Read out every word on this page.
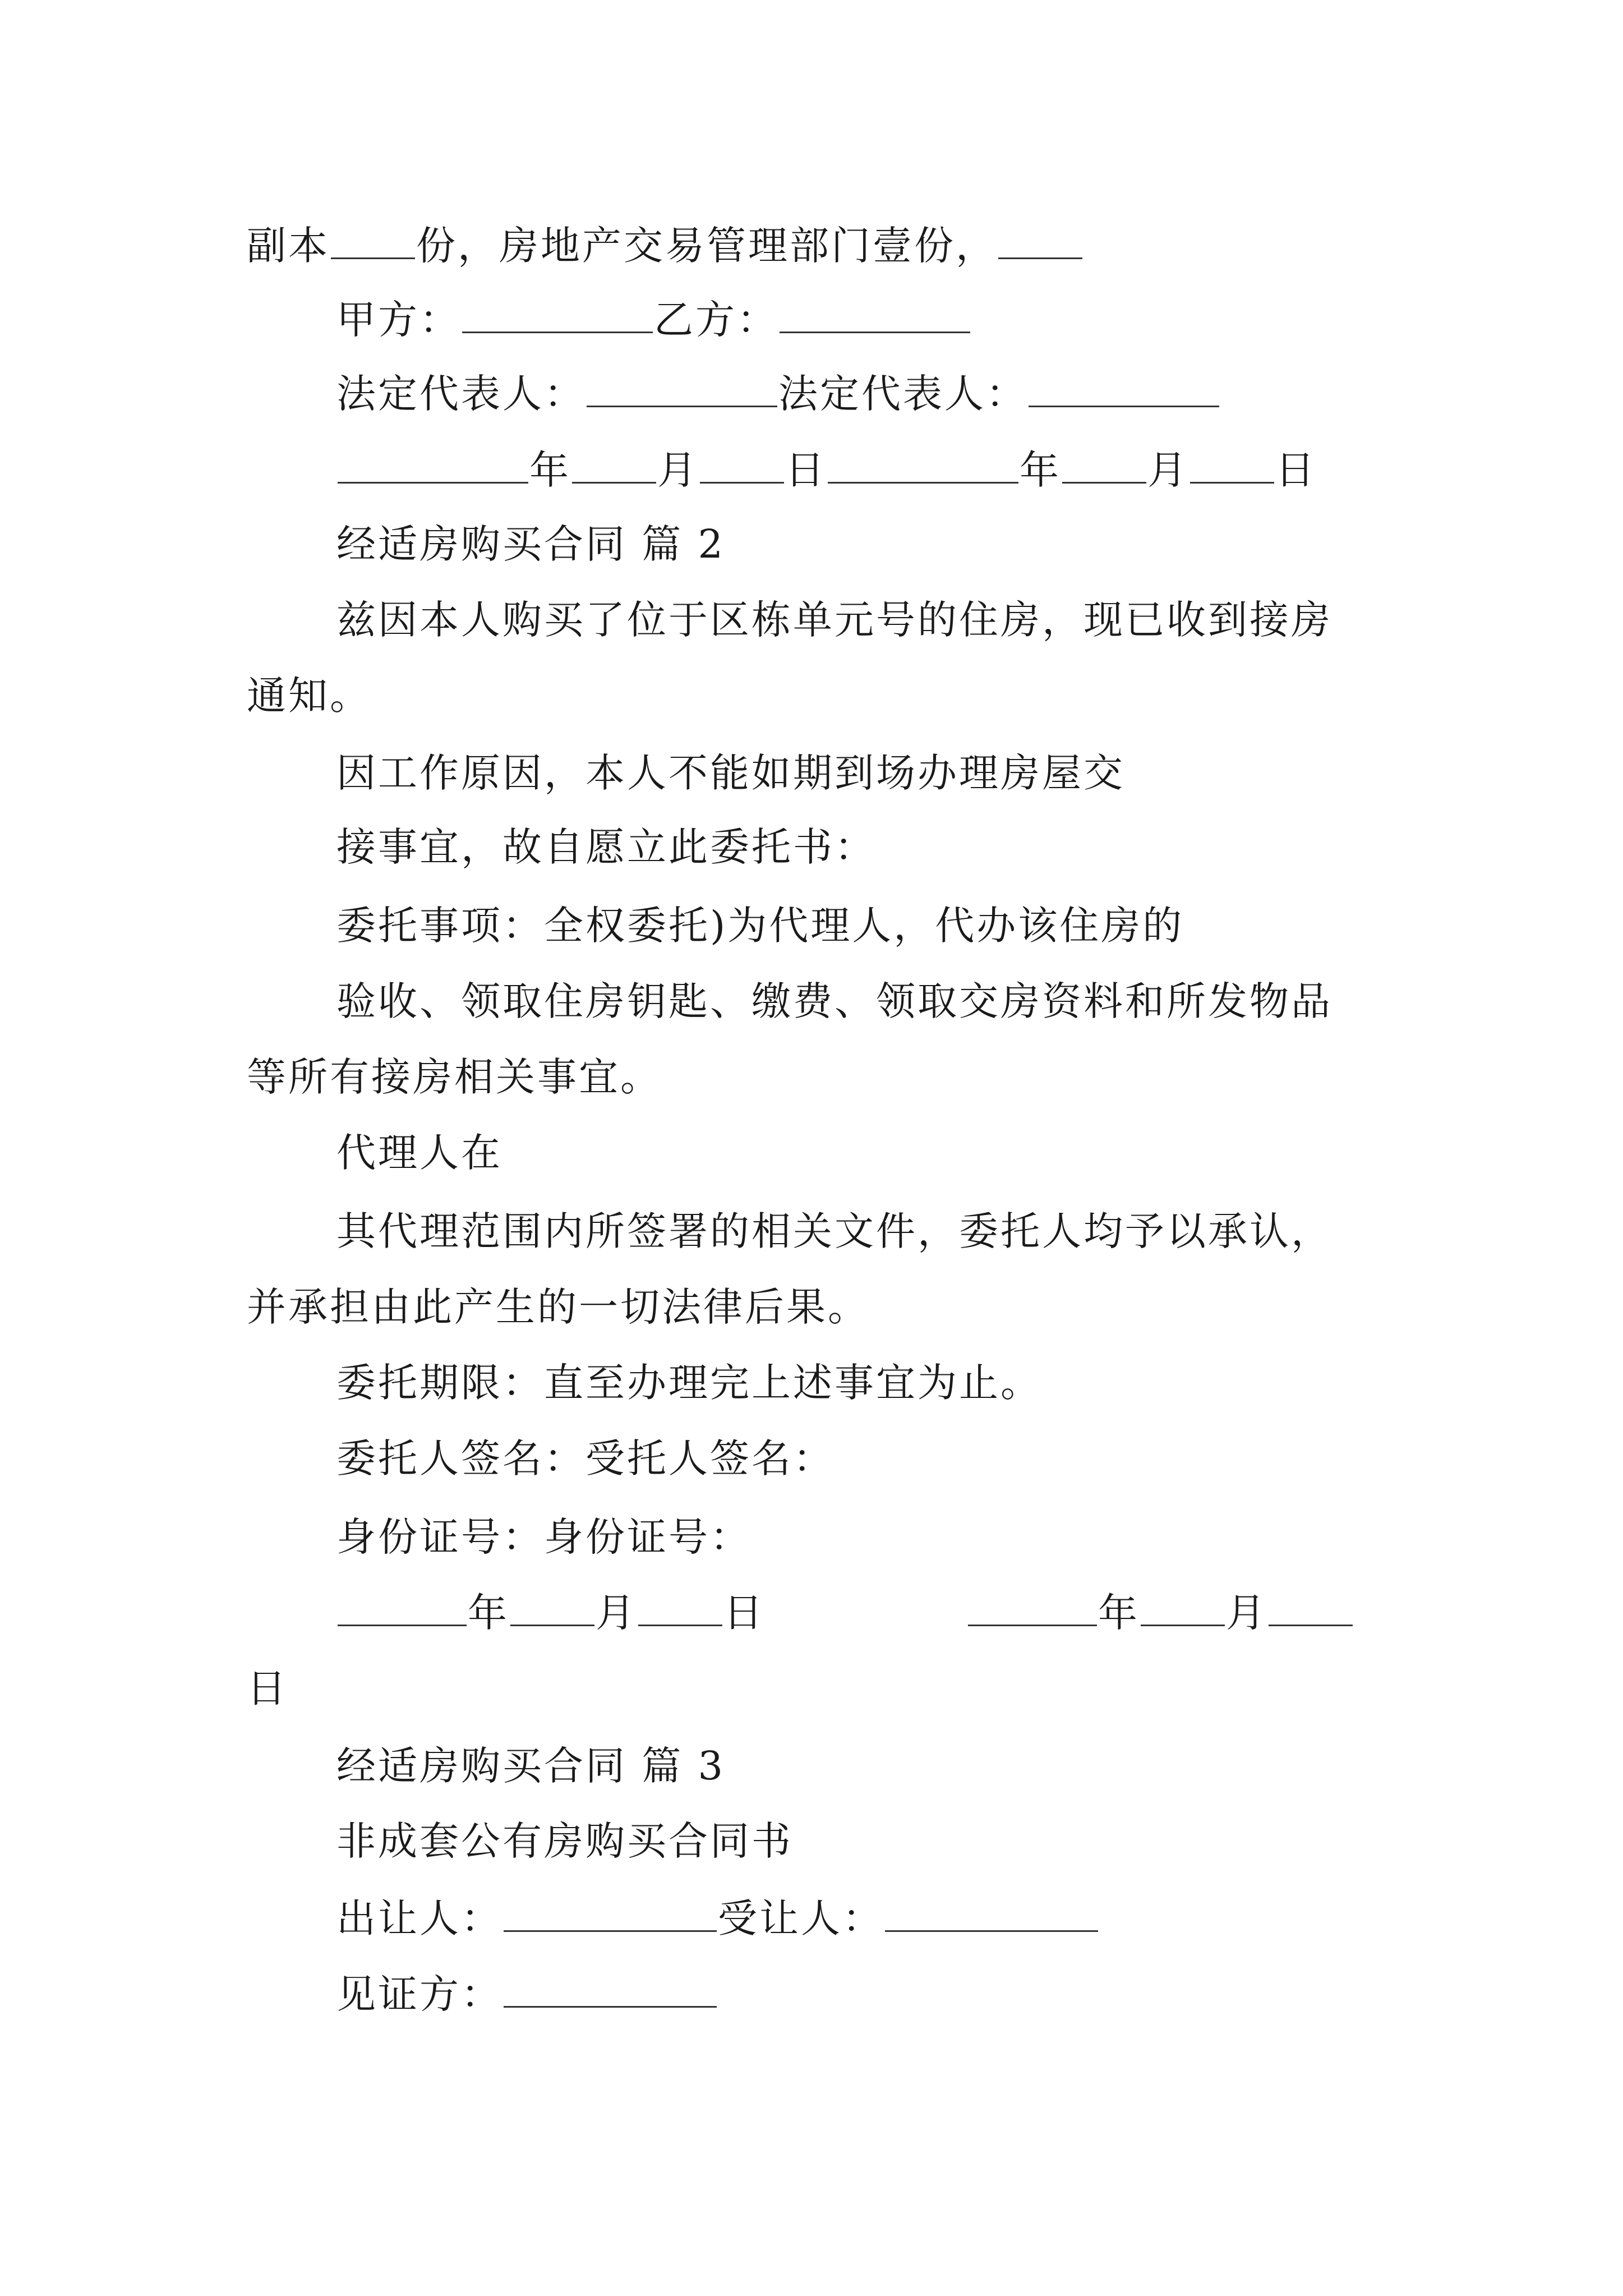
副本 份，房地产交易管理部门壹份，
甲方：	乙方：
法定代表人：	法定代表人：
年 月 日	年 月 日
经适房购买合同 篇 2
兹因本人购买了位于区栋单元号的住房，现已收到接房
通知。
因工作原因，本人不能如期到场办理房屋交
接事宜，故自愿立此委托书：
委托事项：全权委托)为代理人，代办该住房的
验收、领取住房钥匙、缴费、领取交房资料和所发物品
等所有接房相关事宜。
代理人在
其代理范围内所签署的相关文件，委托人均予以承认，
并承担由此产生的一切法律后果。
委托期限：直至办理完上述事宜为止。
委托人签名：受托人签名：
身份证号：身份证号：
年 月 日	年 月
日
经适房购买合同 篇 3
非成套公有房购买合同书
出让人：	受让人：
见证方：
